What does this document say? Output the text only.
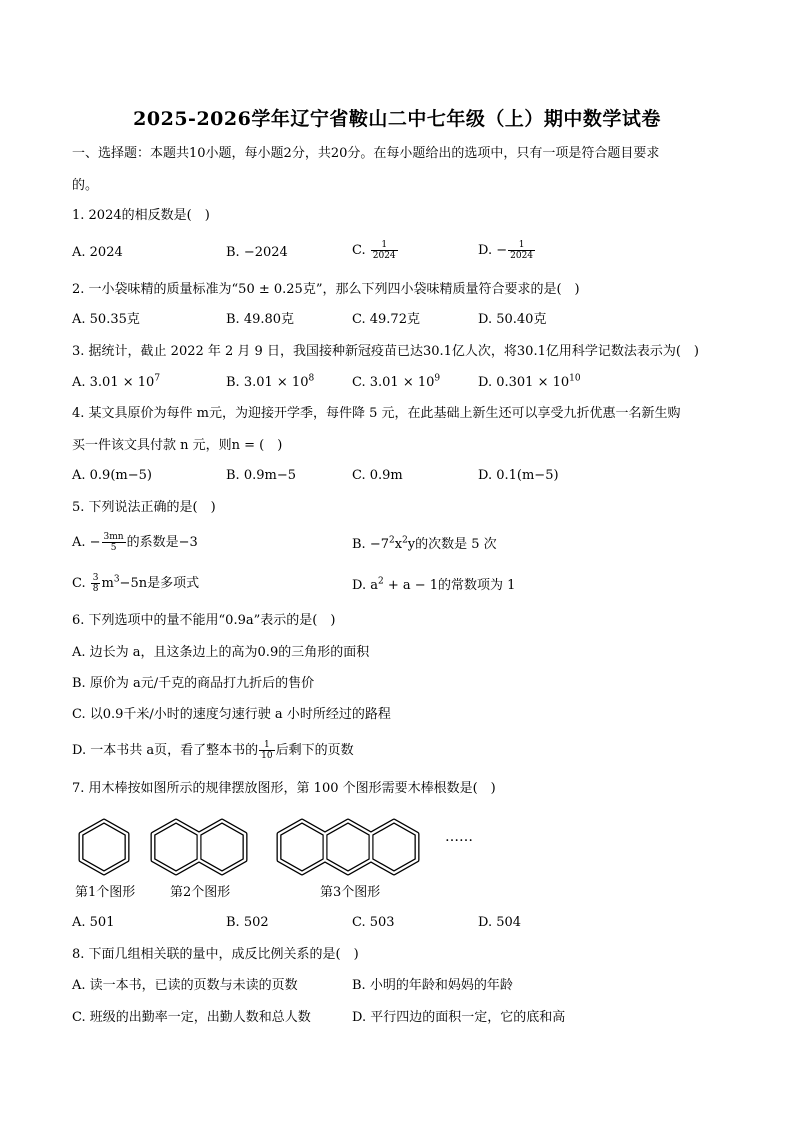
2025-2026学年辽宁省鞍山二中七年级（上）期中数学试卷
一、选择题：本题共10小题，每小题2分，共20分。在每小题给出的选项中，只有一项是符合题目要求
的。
1. 2024的相反数是(　)
A. 2024	B. −2024	C. $\frac{1}{2024}$	D. − $\frac{1}{2024}$
2. 一小袋味精的质量标准为“50 ± 0.25克”，那么下列四小袋味精质量符合要求的是(　)
A. 50.35克	B. 49.80克	C. 49.72克	D. 50.40克
3. 据统计，截止 2022 年 2 月 9 日，我国接种新冠疫苗已达30.1亿人次，将30.1亿用科学记数法表示为(　)
A. $3.01 \times 10^7$	B. $3.01 \times 10^8$	C. $3.01 \times 10^9$	D. $0.301 \times 10^{10}$
4. 某文具原价为每件 m元，为迎接开学季，每件降 5 元，在此基础上新生还可以享受九折优惠一名新生购
买一件该文具付款 n 元，则n = (　)
A. 0.9(m−5)	B. 0.9m−5	C. 0.9m	D. 0.1(m−5)
5. 下列说法正确的是(　)
A. − $\frac{3mn}{5}$ 的系数是−3	B. $-7^2x^2y$的次数是 5 次
C. $\frac{3}{8} m^3-5n$是多项式	D. $a^2 + a - 1$的常数项为 1
6. 下列选项中的量不能用“0.9a”表示的是(　)
A. 边长为 a，且这条边上的高为0.9的三角形的面积
B. 原价为 a元/千克的商品打九折后的售价
C. 以0.9千米/小时的速度匀速行驶 a 小时所经过的路程
D. 一本书共 a页，看了整本书的 $\frac{1}{10}$ 后剩下的页数
7. 用木棒按如图所示的规律摆放图形，第 100 个图形需要木棒根数是(　)
……
第1个图形	第2个图形	第3个图形
A. 501	B. 502	C. 503	D. 504
8. 下面几组相关联的量中，成反比例关系的是(　)
A. 读一本书，已读的页数与未读的页数	B. 小明的年龄和妈妈的年龄
C. 班级的出勤率一定，出勤人数和总人数	D. 平行四边的面积一定，它的底和高
